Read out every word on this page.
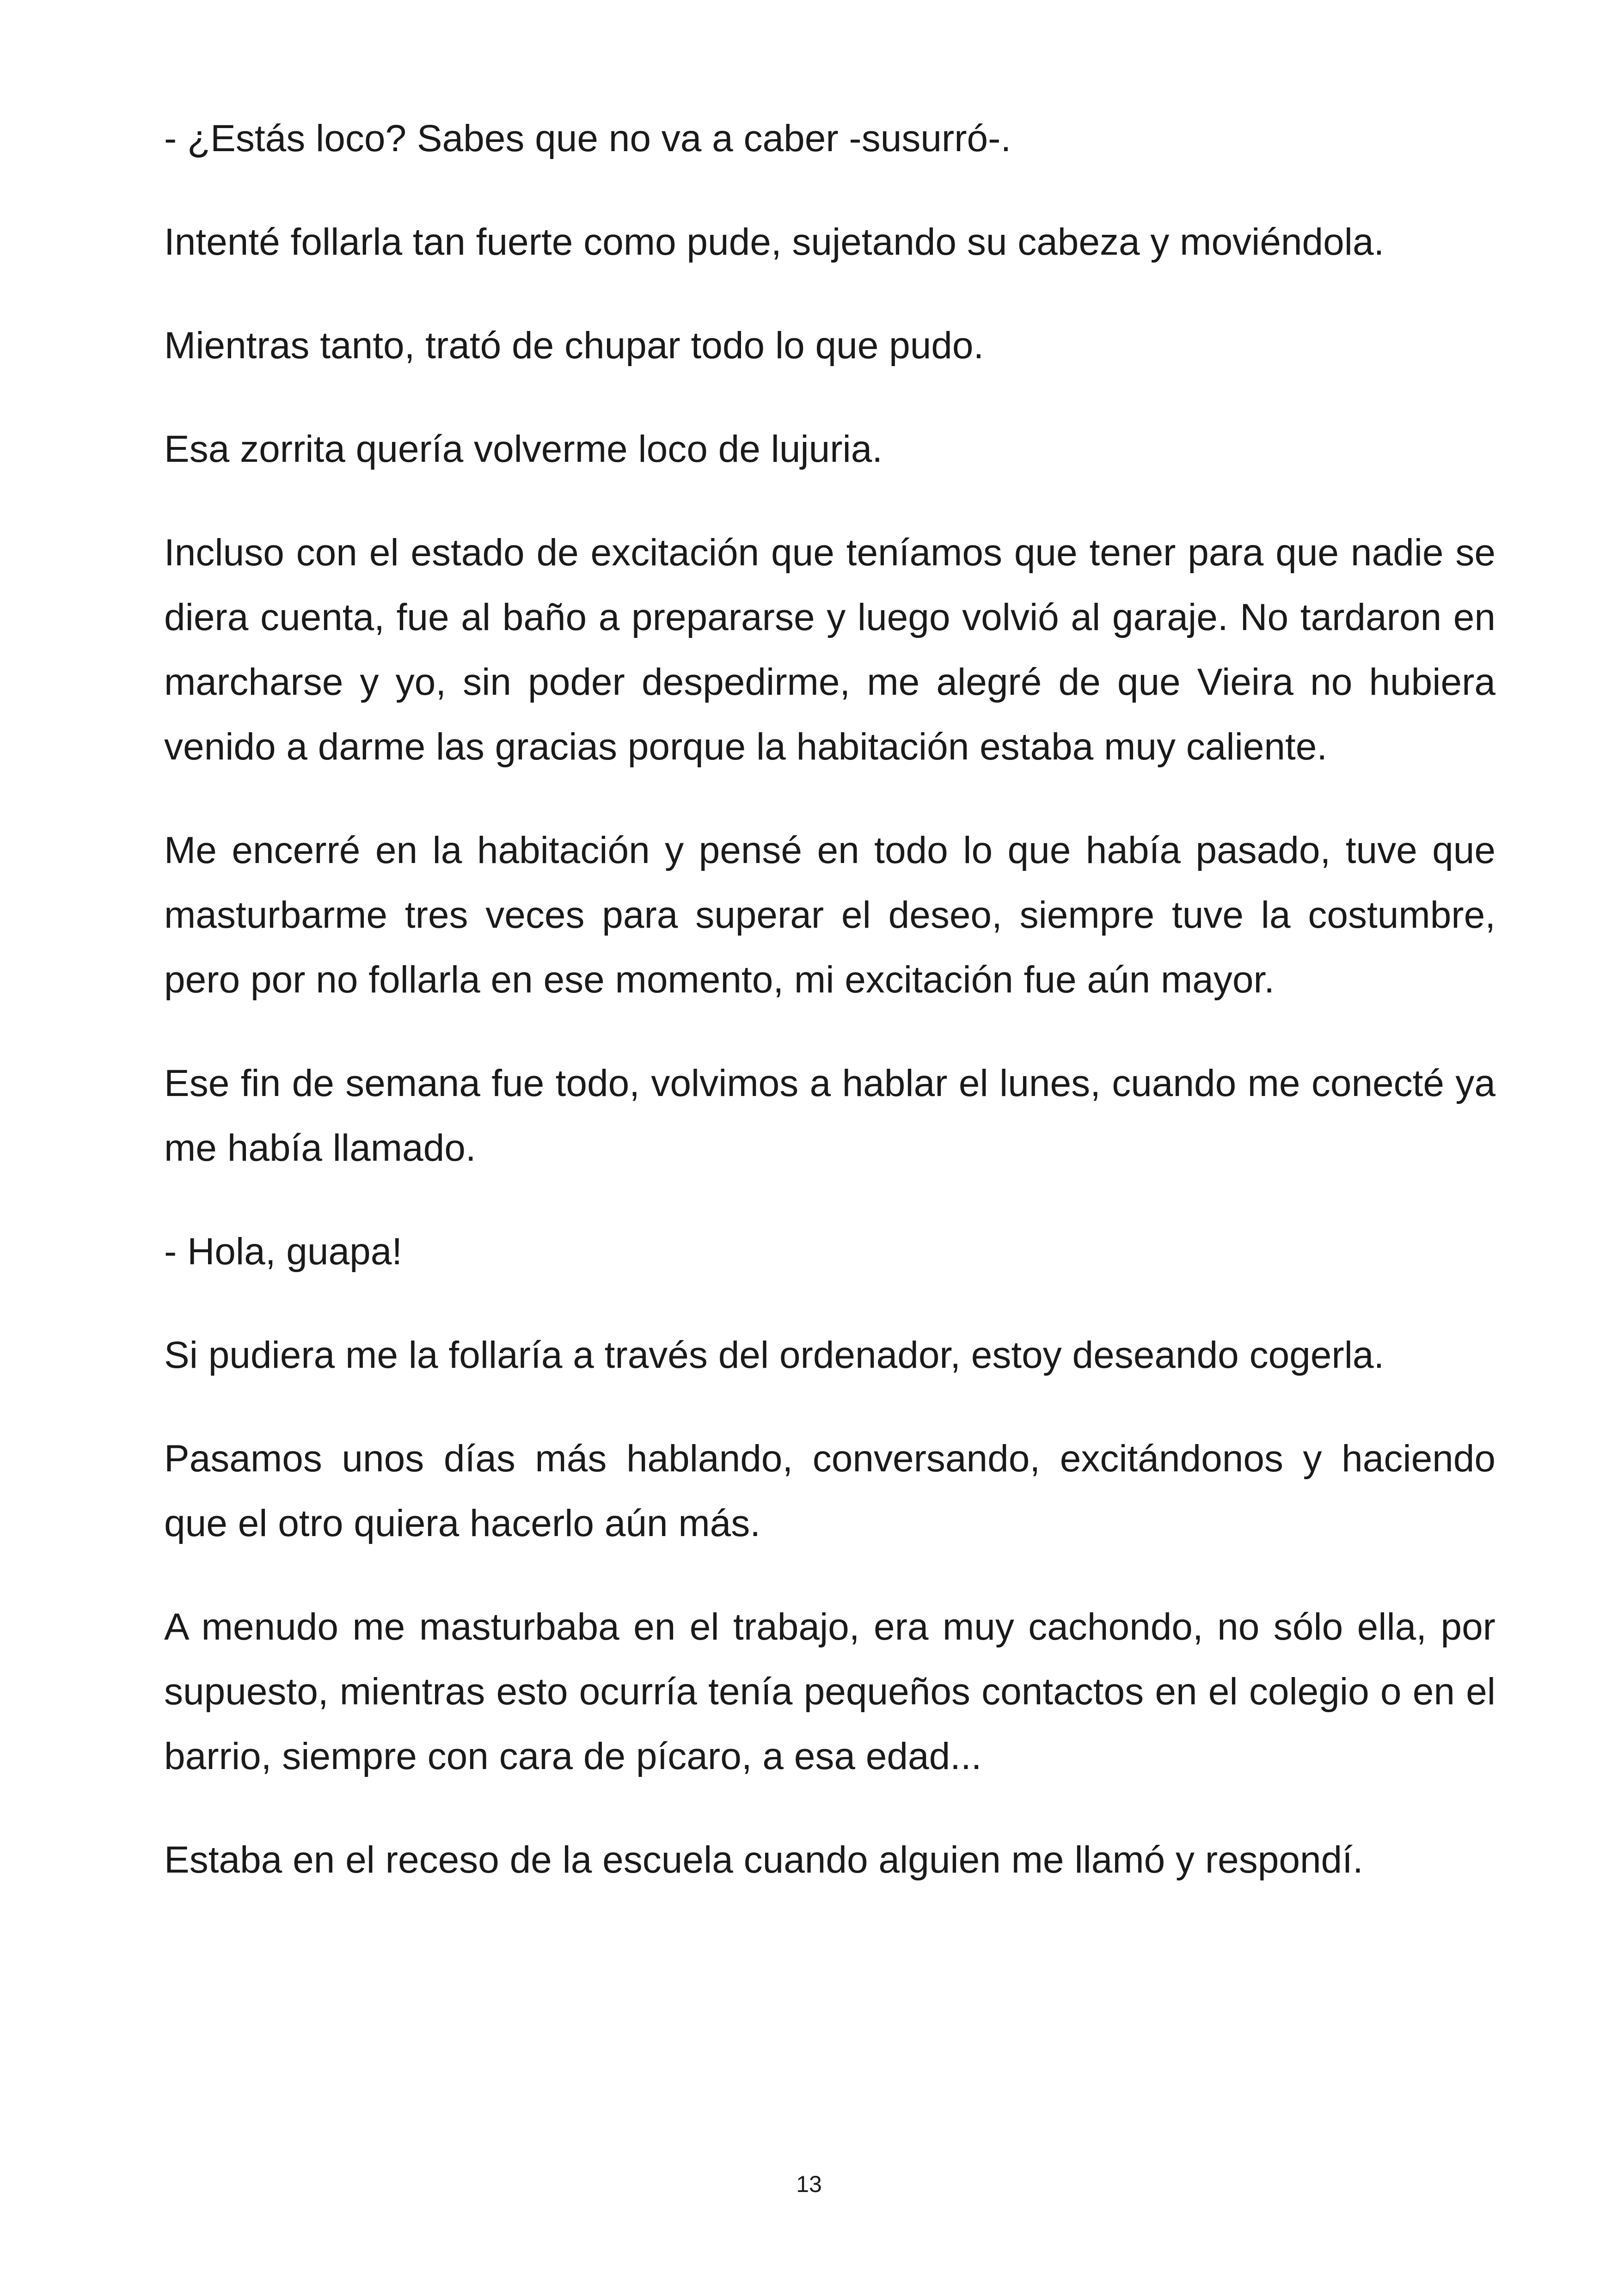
- ¿Estás loco? Sabes que no va a caber -susurró-.

Intenté follarla tan fuerte como pude, sujetando su cabeza y moviéndola.

Mientras tanto, trató de chupar todo lo que pudo.

Esa zorrita quería volverme loco de lujuria.

Incluso con el estado de excitación que teníamos que tener para que nadie se diera cuenta, fue al baño a prepararse y luego volvió al garaje. No tardaron en marcharse y yo, sin poder despedirme, me alegré de que Vieira no hubiera venido a darme las gracias porque la habitación estaba muy caliente.

Me encerré en la habitación y pensé en todo lo que había pasado, tuve que masturbarme tres veces para superar el deseo, siempre tuve la costumbre, pero por no follarla en ese momento, mi excitación fue aún mayor.

Ese fin de semana fue todo, volvimos a hablar el lunes, cuando me conecté ya me había llamado.

- Hola, guapa!

Si pudiera me la follaría a través del ordenador, estoy deseando cogerla.

Pasamos unos días más hablando, conversando, excitándonos y haciendo que el otro quiera hacerlo aún más.

A menudo me masturbaba en el trabajo, era muy cachondo, no sólo ella, por supuesto, mientras esto ocurría tenía pequeños contactos en el colegio o en el barrio, siempre con cara de pícaro, a esa edad...

Estaba en el receso de la escuela cuando alguien me llamó y respondí.

13
